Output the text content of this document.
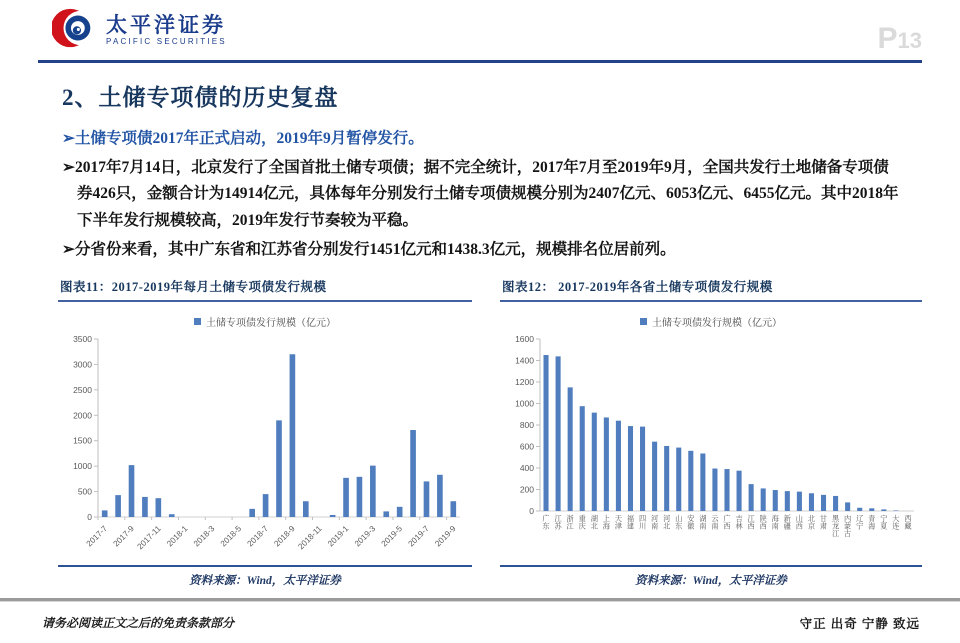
太平洋证券
PACIFIC SECURITIES	P13
2、土储专项债的历史复盘

➢土储专项债2017年正式启动，2019年9月暂停发行。

➢2017年7月14日，北京发行了全国首批土储专项债；据不完全统计，2017年7月至2019年9月，全国共发行土地储备专项债券426只，金额合计为14914亿元，具体每年分别发行土储专项债规模分别为2407亿元、6053亿元、6455亿元。其中2018年下半年发行规模较高，2019年发行节奏较为平稳。

➢分省份来看，其中广东省和江苏省分别发行1451亿元和1438.3亿元，规模排名位居前列。

图表11：2017-2019年每月土储专项债发行规模
土储专项债发行规模（亿元）
0
500
1000
1500
2000
2500
3000
3500
2017-7 2017-9 2017-11 2018-1 2018-3 2018-5 2018-7 2018-9 2018-11 2019-1 2019-3 2019-5 2019-7 2019-9
资料来源：Wind，太平洋证券
图表12： 2017-2019年各省土储专项债发行规模
土储专项债发行规模（亿元）
0
200
400
600
800
1000
1200
1400
1600
广东
江苏
浙江
重庆
湖北
上海
天津
福建
四川
河南
河北
山东
安徽
湖南
云南
广西
吉林
江西
陕西
海南
新疆
山西
北京
甘肃
黑龙江
内蒙古
辽宁
青海
宁夏
大连
西藏
资料来源：Wind，太平洋证券
请务必阅读正文之后的免责条款部分	守正 出奇 宁静 致远
